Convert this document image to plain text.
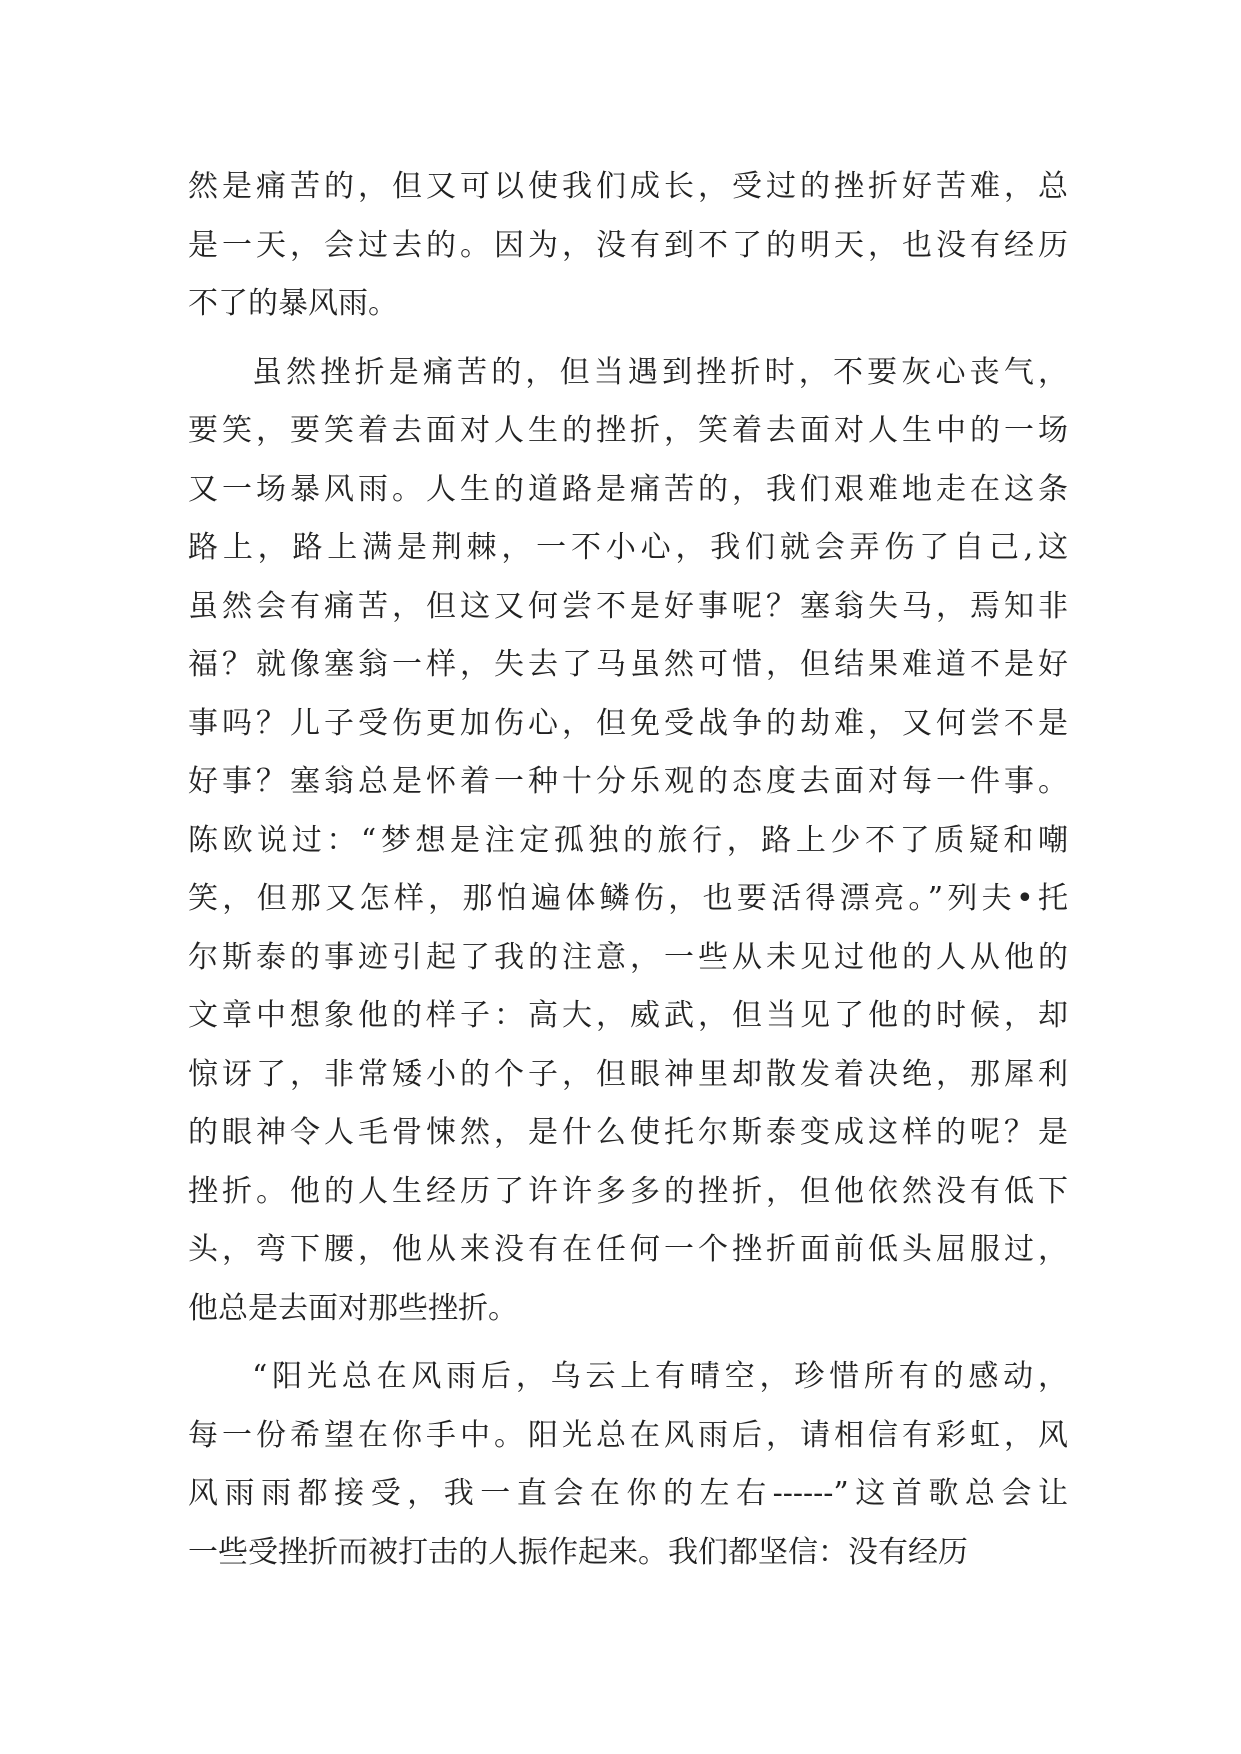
然是痛苦的，但又可以使我们成长，受过的挫折好苦难，总
是一天，会过去的。因为，没有到不了的明天，也没有经历
不了的暴风雨。
虽然挫折是痛苦的，但当遇到挫折时，不要灰心丧气，
要笑，要笑着去面对人生的挫折，笑着去面对人生中的一场
又一场暴风雨。人生的道路是痛苦的，我们艰难地走在这条
路上，路上满是荆棘，一不小心，我们就会弄伤了自己,这
虽然会有痛苦，但这又何尝不是好事呢？塞翁失马，焉知非
福？就像塞翁一样，失去了马虽然可惜，但结果难道不是好
事吗？儿子受伤更加伤心，但免受战争的劫难，又何尝不是
好事？塞翁总是怀着一种十分乐观的态度去面对每一件事。
陈欧说过：“梦想是注定孤独的旅行，路上少不了质疑和嘲
笑，但那又怎样，那怕遍体鳞伤，也要活得漂亮。”列夫•托
尔斯泰的事迹引起了我的注意，一些从未见过他的人从他的
文章中想象他的样子：高大，威武，但当见了他的时候，却
惊讶了，非常矮小的个子，但眼神里却散发着决绝，那犀利
的眼神令人毛骨悚然，是什么使托尔斯泰变成这样的呢？是
挫折。他的人生经历了许许多多的挫折，但他依然没有低下
头，弯下腰，他从来没有在任何一个挫折面前低头屈服过，
他总是去面对那些挫折。
“阳光总在风雨后，乌云上有晴空，珍惜所有的感动，
每一份希望在你手中。阳光总在风雨后，请相信有彩虹，风
风雨雨都接受，我一直会在你的左右------”这首歌总会让
一些受挫折而被打击的人振作起来。我们都坚信：没有经历
